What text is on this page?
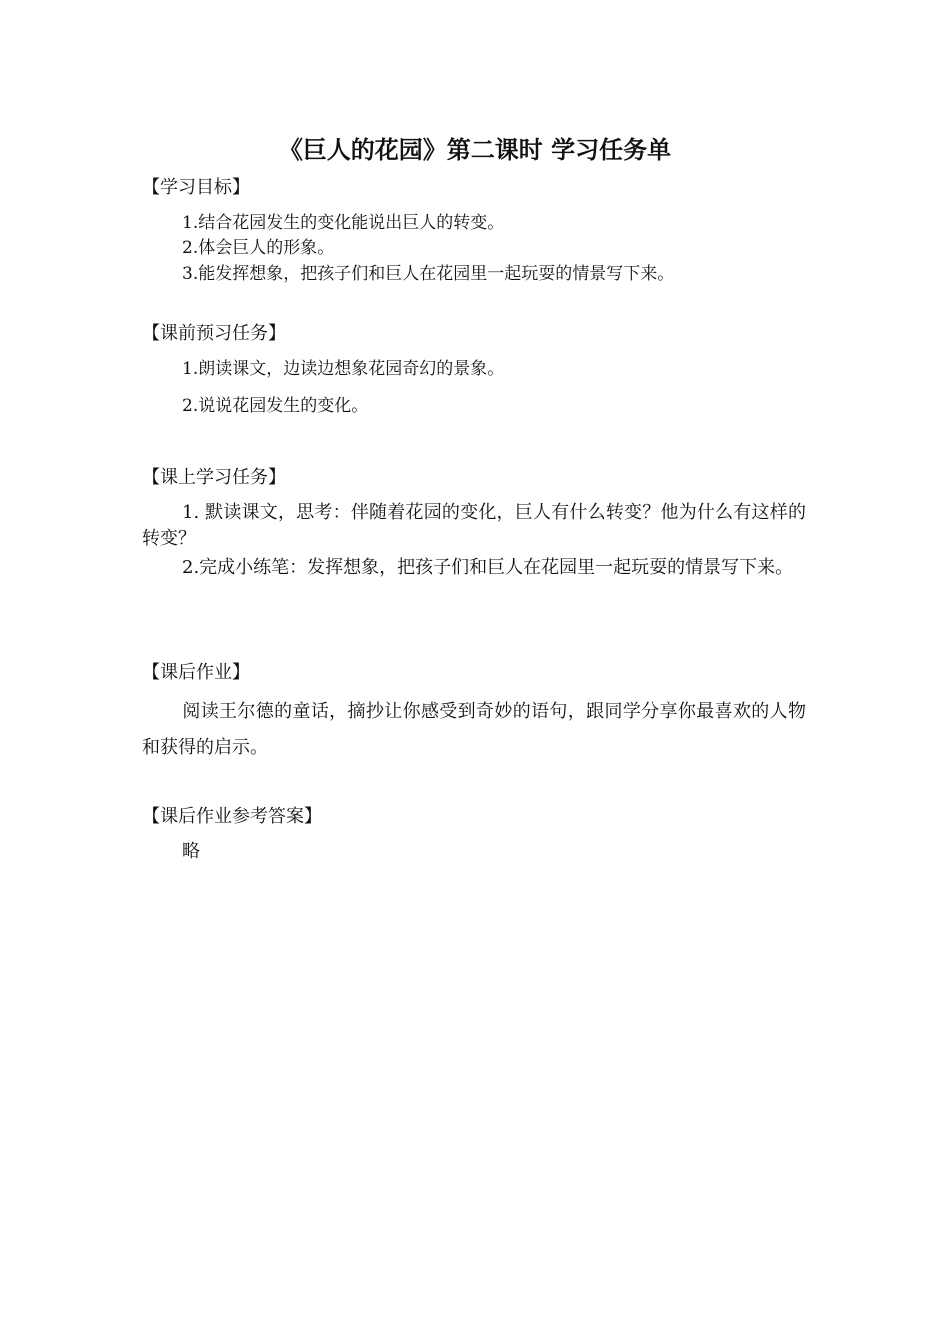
《巨人的花园》第二课时 学习任务单
【学习目标】
1.结合花园发生的变化能说出巨人的转变。
2.体会巨人的形象。
3.能发挥想象，把孩子们和巨人在花园里一起玩耍的情景写下来。
【课前预习任务】
1.朗读课文，边读边想象花园奇幻的景象。
2.说说花园发生的变化。
【课上学习任务】
1. 默读课文，思考：伴随着花园的变化，巨人有什么转变？他为什么有这样的转变？
2.完成小练笔：发挥想象，把孩子们和巨人在花园里一起玩耍的情景写下来。
【课后作业】
阅读王尔德的童话，摘抄让你感受到奇妙的语句，跟同学分享你最喜欢的人物和获得的启示。
【课后作业参考答案】
略
